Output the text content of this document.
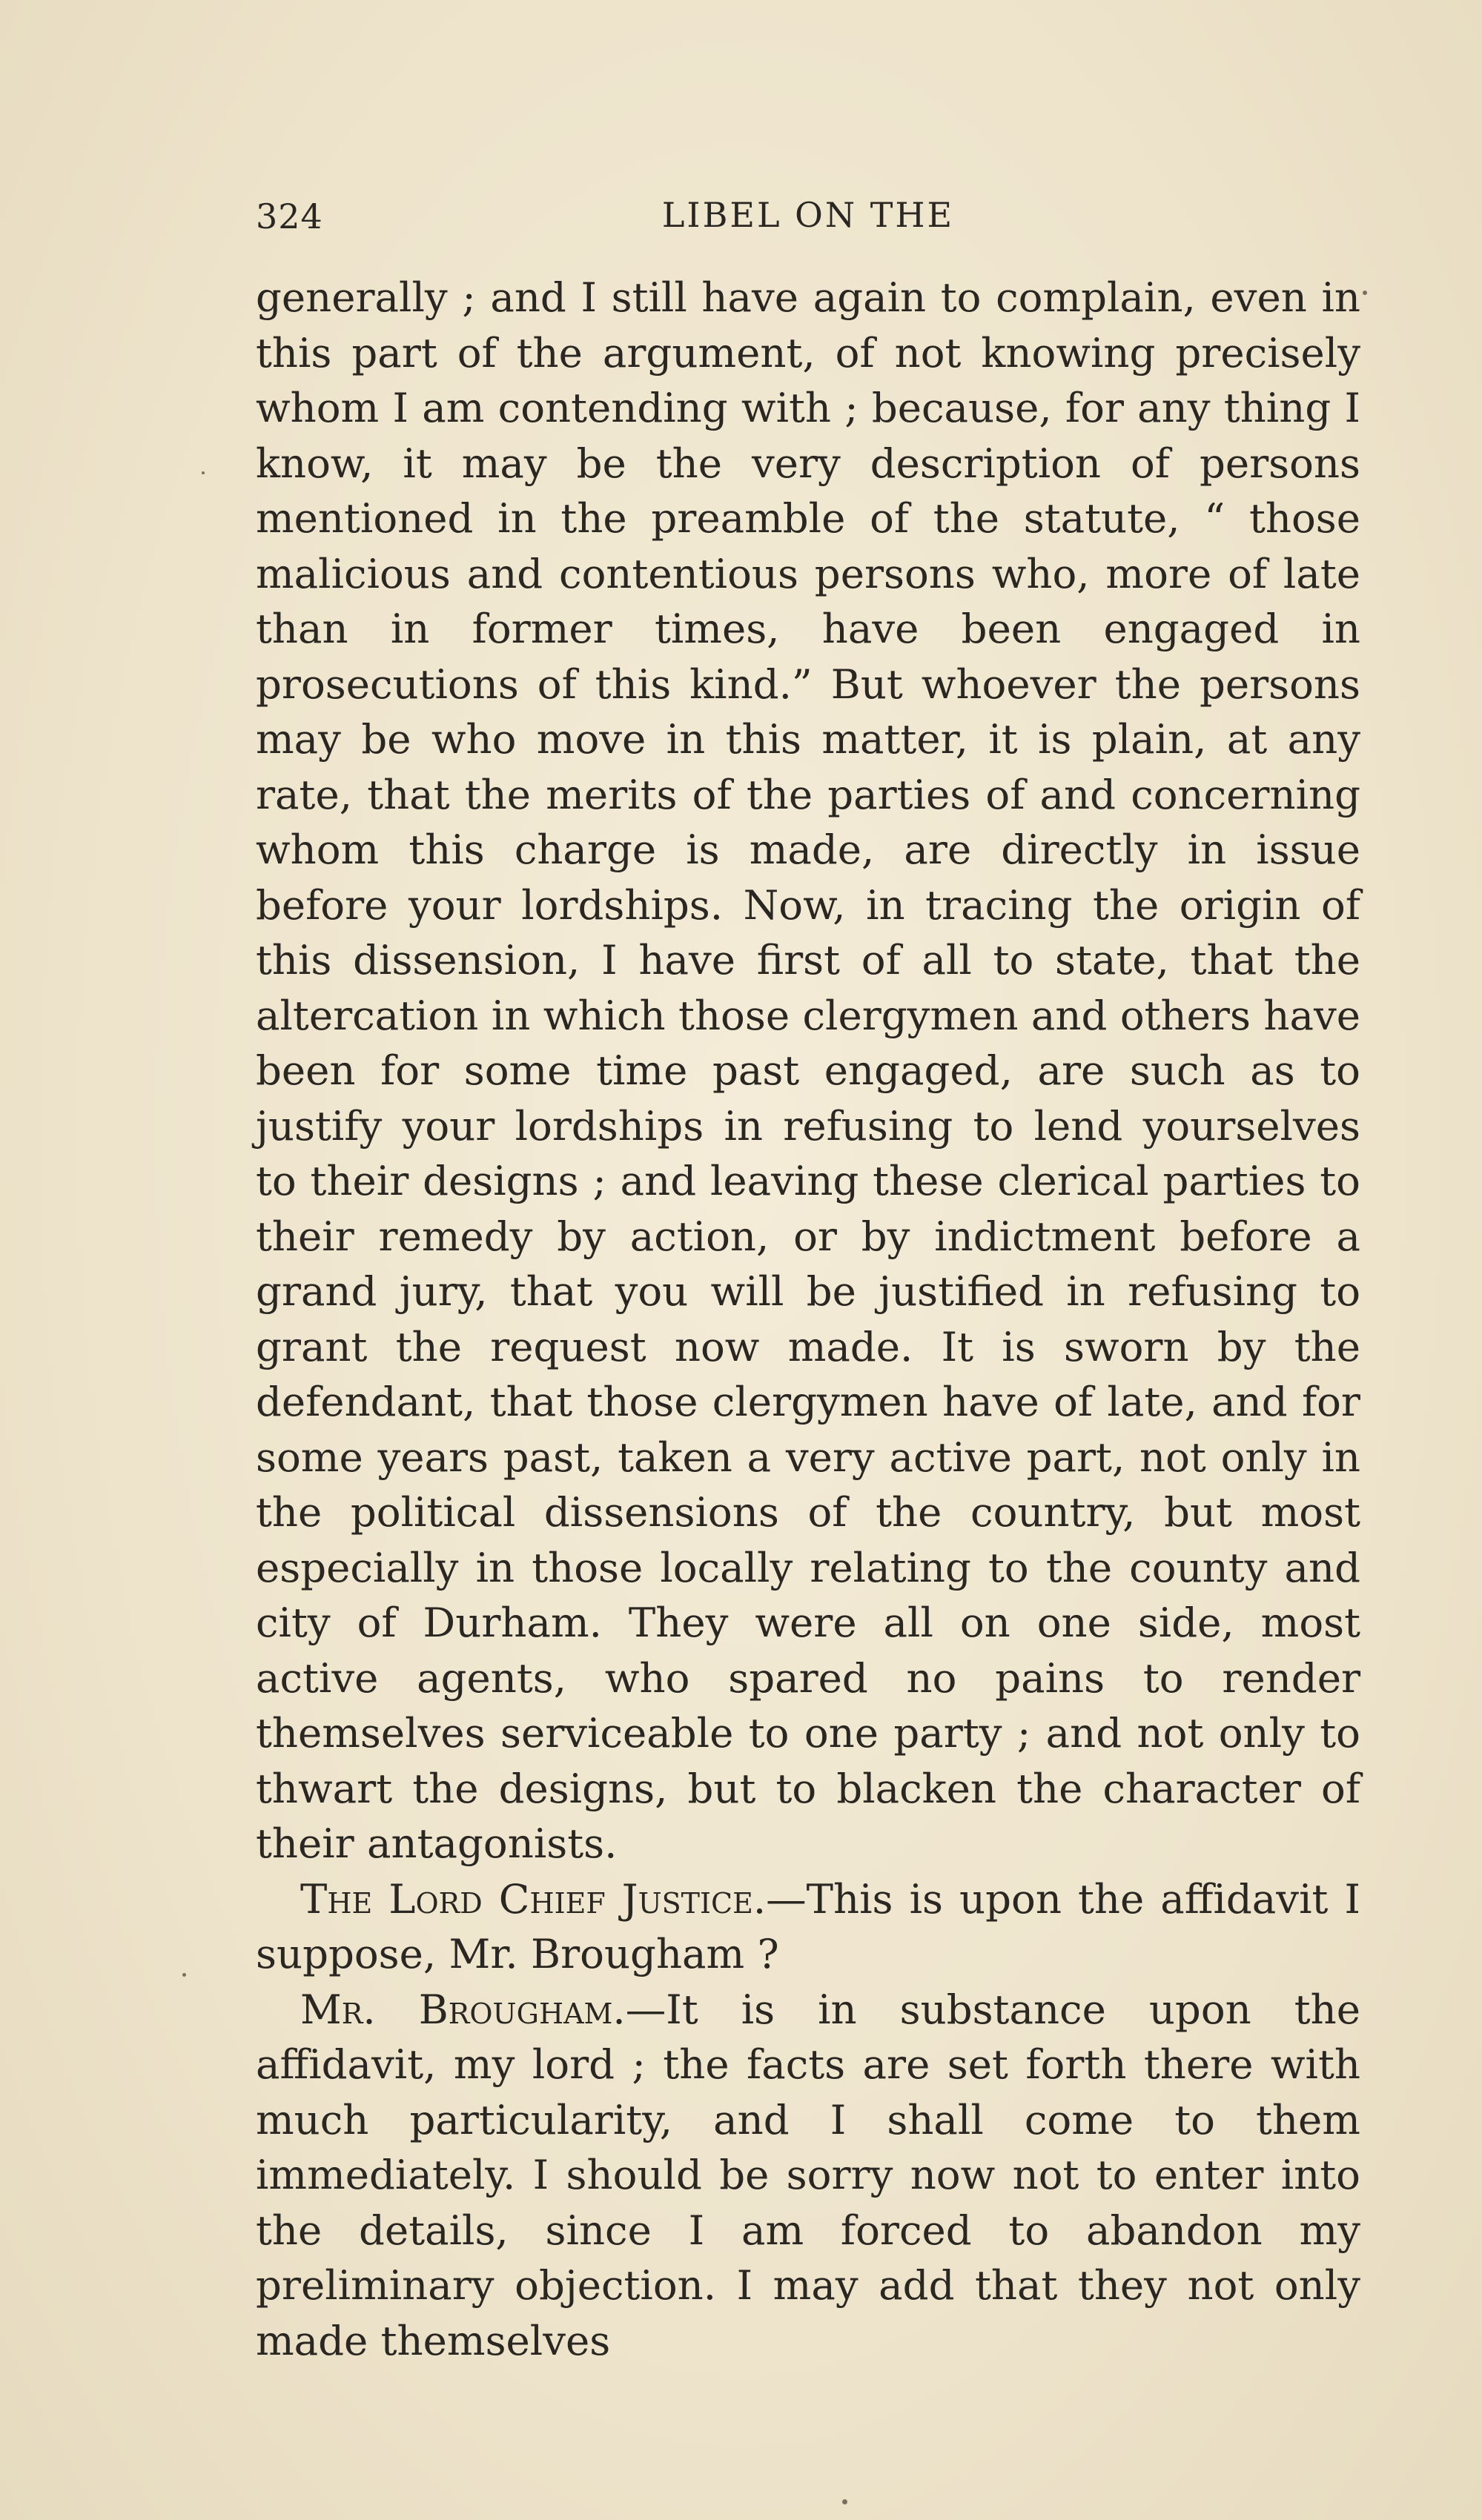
324	LIBEL ON THE

generally ; and I still have again to complain, even in this part of the argument, of not knowing precisely whom I am contending with ; because, for any thing I know, it may be the very description of persons mentioned in the preamble of the statute, “ those malicious and contentious persons who, more of late than in former times, have been engaged in prosecutions of this kind.” But whoever the persons may be who move in this matter, it is plain, at any rate, that the merits of the parties of and concerning whom this charge is made, are directly in issue before your lordships. Now, in tracing the origin of this dissension, I have first of all to state, that the altercation in which those clergymen and others have been for some time past engaged, are such as to justify your lordships in refusing to lend yourselves to their designs ; and leaving these clerical parties to their remedy by action, or by indictment before a grand jury, that you will be justified in refusing to grant the request now made. It is sworn by the defendant, that those clergymen have of late, and for some years past, taken a very active part, not only in the political dissensions of the country, but most especially in those locally relating to the county and city of Durham. They were all on one side, most active agents, who spared no pains to render themselves serviceable to one party ; and not only to thwart the designs, but to blacken the character of their antagonists.

The Lord Chief Justice.—This is upon the affidavit I suppose, Mr. Brougham ?

Mr. Brougham.—It is in substance upon the affidavit, my lord ; the facts are set forth there with much particularity, and I shall come to them immediately. I should be sorry now not to enter into the details, since I am forced to abandon my preliminary objection. I may add that they not only made themselves
